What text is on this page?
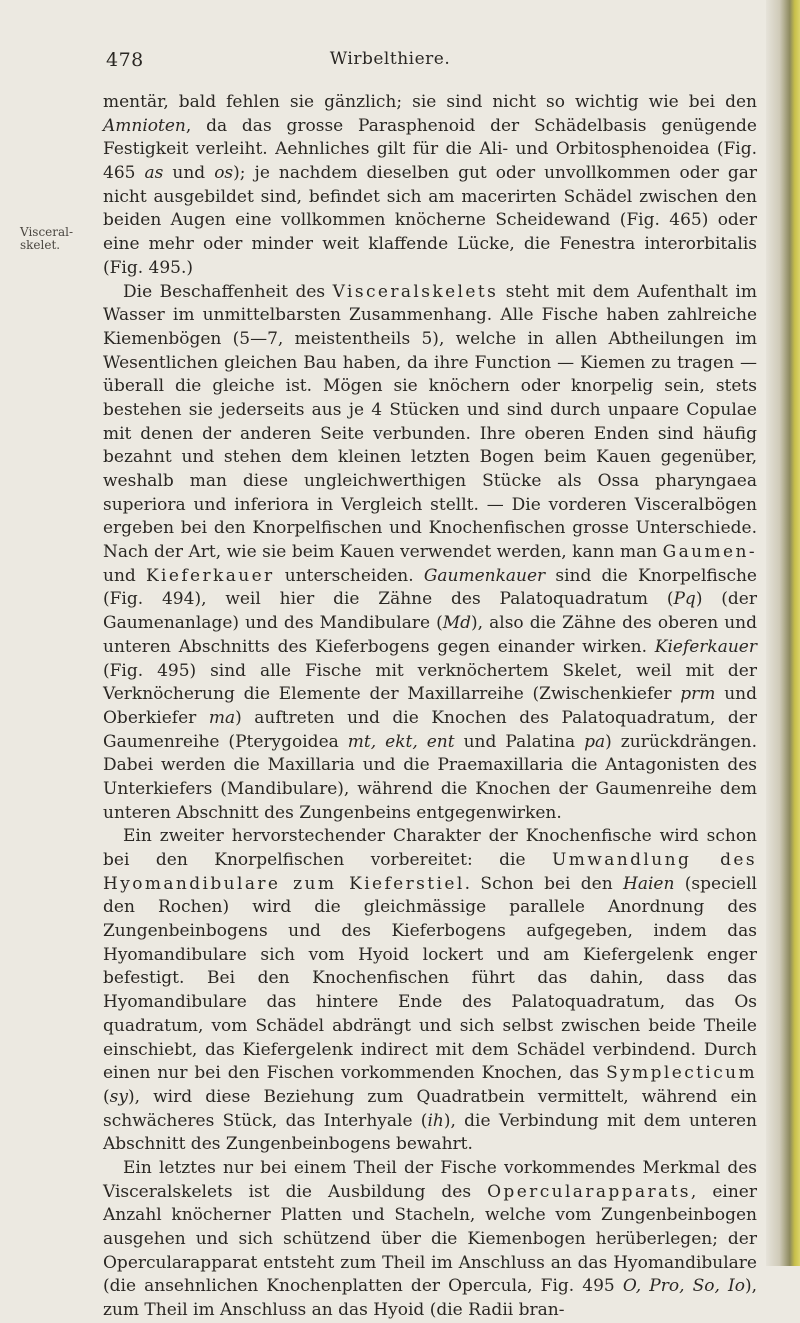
478	Wirbelthiere.
Visceral-
skelet.

mentär, bald fehlen sie gänzlich; sie sind nicht so wichtig wie bei den Amnioten, da das grosse Parasphenoid der Schädelbasis genügende Festigkeit verleiht. Aehnliches gilt für die Ali- und Orbitosphenoidea (Fig. 465 as und os); je nachdem dieselben gut oder unvollkommen oder gar nicht ausgebildet sind, befindet sich am macerirten Schädel zwischen den beiden Augen eine vollkommen knöcherne Scheidewand (Fig. 465) oder eine mehr oder minder weit klaffende Lücke, die Fenestra interorbitalis (Fig. 495.)

Die Beschaffenheit des Visceralskelets steht mit dem Aufenthalt im Wasser im unmittelbarsten Zusammenhang. Alle Fische haben zahlreiche Kiemenbögen (5—7, meistentheils 5), welche in allen Abtheilungen im Wesentlichen gleichen Bau haben, da ihre Function — Kiemen zu tragen — überall die gleiche ist. Mögen sie knöchern oder knorpelig sein, stets bestehen sie jederseits aus je 4 Stücken und sind durch unpaare Copulae mit denen der anderen Seite verbunden. Ihre oberen Enden sind häufig bezahnt und stehen dem kleinen letzten Bogen beim Kauen gegenüber, weshalb man diese ungleichwerthigen Stücke als Ossa pharyngaea superiora und inferiora in Vergleich stellt. — Die vorderen Visceralbögen ergeben bei den Knorpelfischen und Knochenfischen grosse Unterschiede. Nach der Art, wie sie beim Kauen verwendet werden, kann man Gaumen- und Kieferkauer unterscheiden. Gaumenkauer sind die Knorpelfische (Fig. 494), weil hier die Zähne des Palatoquadratum (Pq) (der Gaumenanlage) und des Mandibulare (Md), also die Zähne des oberen und unteren Abschnitts des Kieferbogens gegen einander wirken. Kieferkauer (Fig. 495) sind alle Fische mit verknöchertem Skelet, weil mit der Verknöcherung die Elemente der Maxillarreihe (Zwischenkiefer prm und Oberkiefer ma) auftreten und die Knochen des Palatoquadratum, der Gaumenreihe (Pterygoidea mt, ekt, ent und Palatina pa) zurückdrängen. Dabei werden die Maxillaria und die Praemaxillaria die Antagonisten des Unterkiefers (Mandibulare), während die Knochen der Gaumenreihe dem unteren Abschnitt des Zungenbeins entgegenwirken.

Ein zweiter hervorstechender Charakter der Knochenfische wird schon bei den Knorpelfischen vorbereitet: die Umwandlung des Hyomandibulare zum Kieferstiel. Schon bei den Haien (speciell den Rochen) wird die gleichmässige parallele Anordnung des Zungenbeinbogens und des Kieferbogens aufgegeben, indem das Hyomandibulare sich vom Hyoid lockert und am Kiefergelenk enger befestigt. Bei den Knochenfischen führt das dahin, dass das Hyomandibulare das hintere Ende des Palatoquadratum, das Os quadratum, vom Schädel abdrängt und sich selbst zwischen beide Theile einschiebt, das Kiefergelenk indirect mit dem Schädel verbindend. Durch einen nur bei den Fischen vorkommenden Knochen, das Symplecticum (sy), wird diese Beziehung zum Quadratbein vermittelt, während ein schwächeres Stück, das Interhyale (ih), die Verbindung mit dem unteren Abschnitt des Zungenbeinbogens bewahrt.

Ein letztes nur bei einem Theil der Fische vorkommendes Merkmal des Visceralskelets ist die Ausbildung des Opercularapparats, einer Anzahl knöcherner Platten und Stacheln, welche vom Zungenbeinbogen ausgehen und sich schützend über die Kiemenbogen herüberlegen; der Opercularapparat entsteht zum Theil im Anschluss an das Hyomandibulare (die ansehnlichen Knochenplatten der Opercula, Fig. 495 O, Pro, So, Io), zum Theil im Anschluss an das Hyoid (die Radii bran-
